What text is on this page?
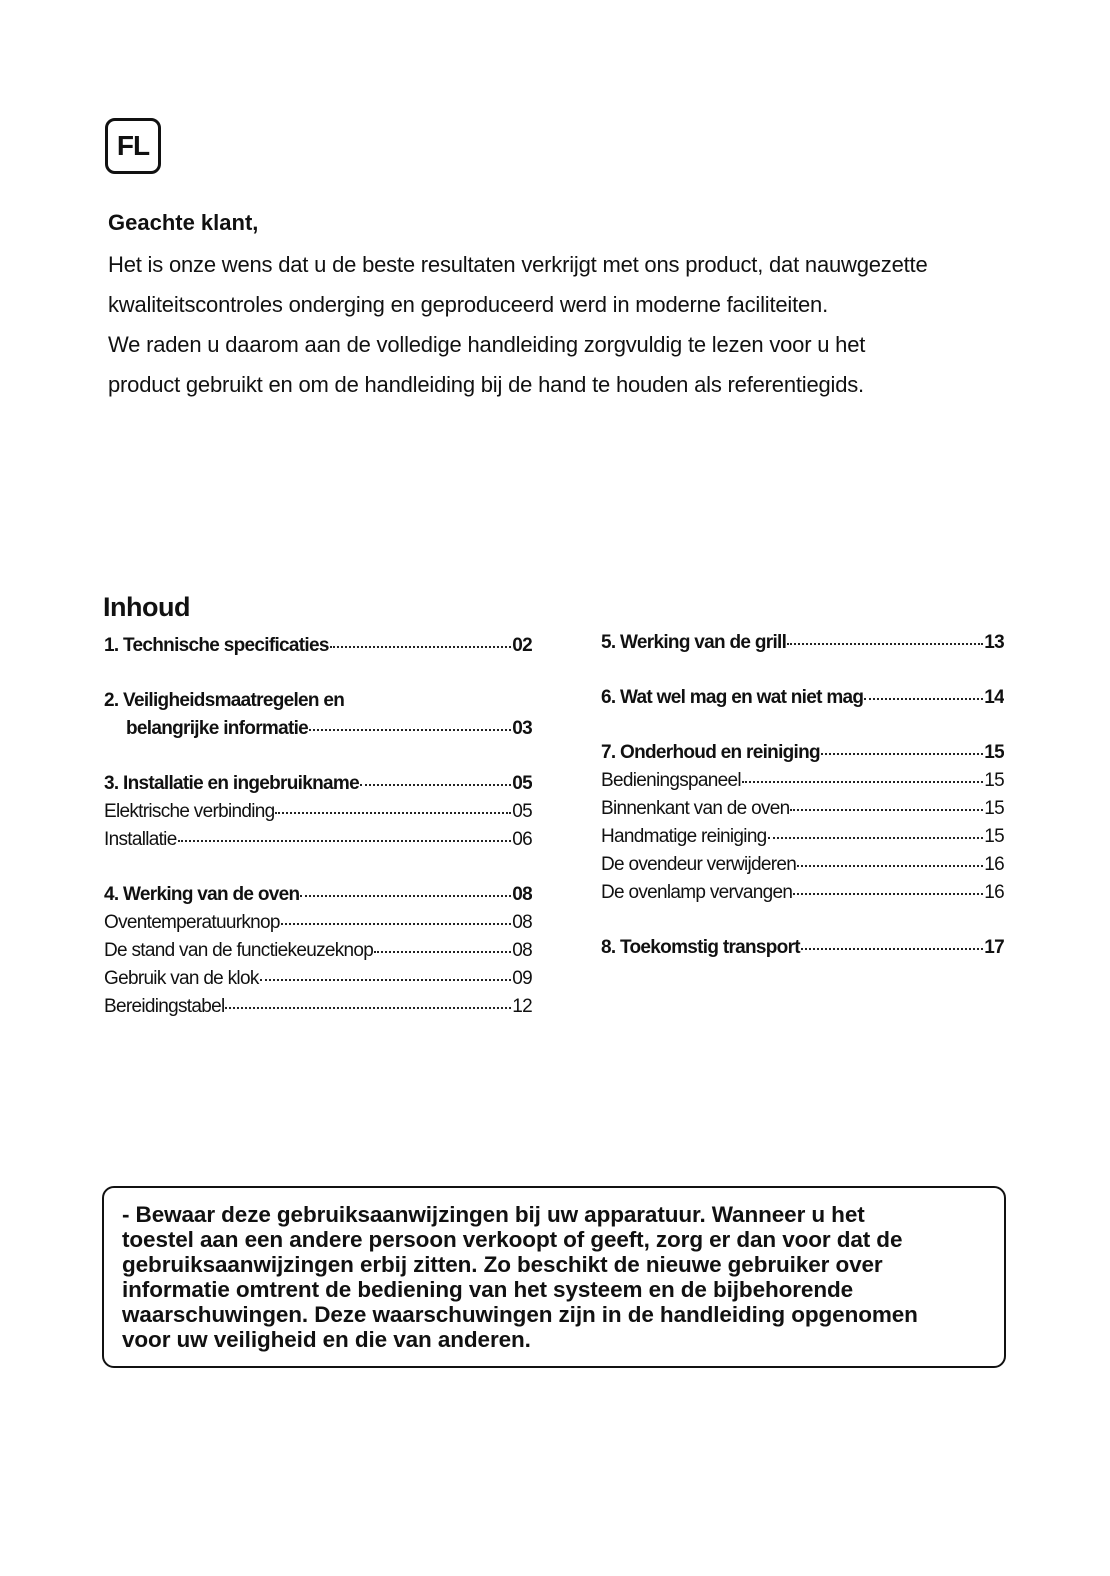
FL
Geachte klant,

Het is onze wens dat u de beste resultaten verkrijgt met ons product, dat nauwgezette

kwaliteitscontroles onderging en geproduceerd werd in moderne faciliteiten.

We raden u daarom aan de volledige handleiding zorgvuldig te lezen voor u het

product gebruikt en om de handleiding bij de hand te houden als referentiegids.

Inhoud
1. Technische specificaties	02
2. Veiligheidsmaatregelen en
belangrijke informatie	03
3. Installatie en ingebruikname	05
Elektrische verbinding	05
Installatie	06
4. Werking van de oven	08
Oventemperatuurknop	08
De stand van de functiekeuzeknop	08
Gebruik van de klok	09
Bereidingstabel	12
5. Werking van de grill	13
6. Wat wel mag en wat niet mag	14
7. Onderhoud en reiniging	15
Bedieningspaneel	15
Binnenkant van de oven	15
Handmatige reiniging	15
De ovendeur verwijderen	16
De ovenlamp vervangen	16
8. Toekomstig transport	17

- Bewaar deze gebruiksaanwijzingen bij uw apparatuur. Wanneer u het

toestel aan een andere persoon verkoopt of geeft, zorg er dan voor dat de

gebruiksaanwijzingen erbij zitten. Zo beschikt de nieuwe gebruiker over

informatie omtrent de bediening van het systeem en de bijbehorende

waarschuwingen. Deze waarschuwingen zijn in de handleiding opgenomen

voor uw veiligheid en die van anderen.
